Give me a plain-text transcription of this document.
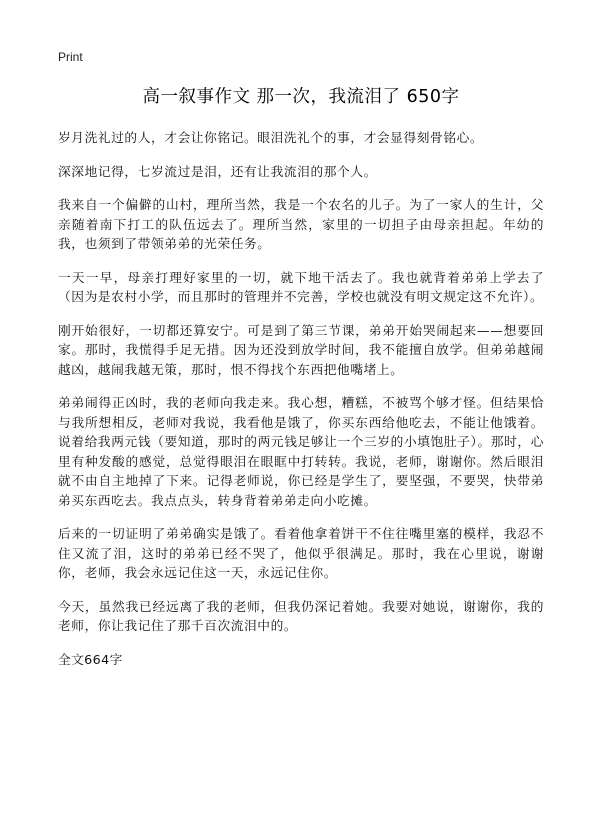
Print
高一叙事作文 那一次，我流泪了 650字

岁月洗礼过的人，才会让你铭记。眼泪洗礼个的事，才会显得刻骨铭心。

深深地记得，七岁流过是泪，还有让我流泪的那个人。

我来自一个偏僻的山村，理所当然，我是一个农名的儿子。为了一家人的生计，父亲随着南下打工的队伍远去了。理所当然，家里的一切担子由母亲担起。年幼的我，也须到了带领弟弟的光荣任务。

一天一早，母亲打理好家里的一切，就下地干活去了。我也就背着弟弟上学去了（因为是农村小学，而且那时的管理并不完善，学校也就没有明文规定这不允许）。

刚开始很好，一切都还算安宁。可是到了第三节课，弟弟开始哭闹起来——想要回家。那时，我慌得手足无措。因为还没到放学时间，我不能擅自放学。但弟弟越闹越凶，越闹我越无策，那时，恨不得找个东西把他嘴堵上。

弟弟闹得正凶时，我的老师向我走来。我心想，糟糕，不被骂个够才怪。但结果恰与我所想相反，老师对我说，我看他是饿了，你买东西给他吃去，不能让他饿着。说着给我两元钱（要知道，那时的两元钱足够让一个三岁的小填饱肚子）。那时，心里有种发酸的感觉，总觉得眼泪在眼眶中打转转。我说，老师，谢谢你。然后眼泪就不由自主地掉了下来。记得老师说，你已经是学生了，要坚强，不要哭，快带弟弟买东西吃去。我点点头，转身背着弟弟走向小吃摊。

后来的一切证明了弟弟确实是饿了。看着他拿着饼干不住往嘴里塞的模样，我忍不住又流了泪，这时的弟弟已经不哭了，他似乎很满足。那时，我在心里说，谢谢你，老师，我会永远记住这一天，永远记住你。

今天，虽然我已经远离了我的老师，但我仍深记着她。我要对她说，谢谢你，我的老师，你让我记住了那千百次流泪中的。

全文664字
